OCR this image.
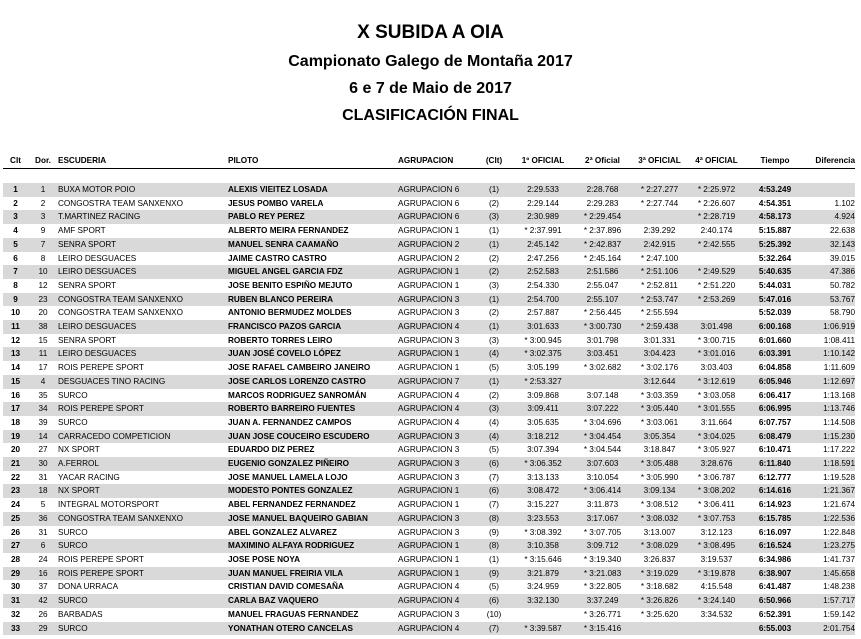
X SUBIDA A OIA
Campionato Galego de Montaña 2017
6 e 7 de Maio de 2017
CLASIFICACIÓN FINAL
Clt	Dor.	ESCUDERIA	PILOTO	AGRUPACION	(Clt)	1º OFICIAL	2ª Oficial	3ª OFICIAL	4ª OFICIAL	Tiempo	Diferencia

1	1	BUXA MOTOR POIO	ALEXIS VIEITEZ LOSADA	AGRUPACION 6	(1)	2:29.533	2:28.768	* 2:27.277	* 2:25.972	4:53.249	
2	2	CONGOSTRA TEAM SANXENXO	JESUS POMBO VARELA	AGRUPACION 6	(2)	2:29.144	2:29.283	* 2:27.744	* 2:26.607	4:54.351	1.102
3	3	T.MARTINEZ RACING	PABLO REY PEREZ	AGRUPACION 6	(3)	2:30.989	* 2:29.454		* 2:28.719	4:58.173	4.924
4	9	AMF SPORT	ALBERTO MEIRA FERNANDEZ	AGRUPACION 1	(1)	* 2:37.991	* 2:37.896	2:39.292	2:40.174	5:15.887	22.638
5	7	SENRA SPORT	MANUEL SENRA CAAMAÑO	AGRUPACION 2	(1)	2:45.142	* 2:42.837	2:42.915	* 2:42.555	5:25.392	32.143
6	8	LEIRO DESGUACES	JAIME CASTRO CASTRO	AGRUPACION 2	(2)	2:47.256	* 2:45.164	* 2:47.100		5:32.264	39.015
7	10	LEIRO DESGUACES	MIGUEL ANGEL GARCIA FDZ	AGRUPACION 1	(2)	2:52.583	2:51.586	* 2:51.106	* 2:49.529	5:40.635	47.386
8	12	SENRA SPORT	JOSE BENITO ESPIÑO MEJUTO	AGRUPACION 1	(3)	2:54.330	2:55.047	* 2:52.811	* 2:51.220	5:44.031	50.782
9	23	CONGOSTRA TEAM SANXENXO	RUBEN BLANCO PEREIRA	AGRUPACION 3	(1)	2:54.700	2:55.107	* 2:53.747	* 2:53.269	5:47.016	53.767
10	20	CONGOSTRA TEAM SANXENXO	ANTONIO BERMUDEZ MOLDES	AGRUPACION 3	(2)	2:57.887	* 2:56.445	* 2:55.594		5:52.039	58.790
11	38	LEIRO DESGUACES	FRANCISCO PAZOS GARCIA	AGRUPACION 4	(1)	3:01.633	* 3:00.730	* 2:59.438	3:01.498	6:00.168	1:06.919
12	15	SENRA SPORT	ROBERTO TORRES LEIRO	AGRUPACION 3	(3)	* 3:00.945	3:01.798	3:01.331	* 3:00.715	6:01.660	1:08.411
13	11	LEIRO DESGUACES	JUAN JOSÉ COVELO LÓPEZ	AGRUPACION 1	(4)	* 3:02.375	3:03.451	3:04.423	* 3:01.016	6:03.391	1:10.142
14	17	ROIS PEREPE SPORT	JOSE RAFAEL CAMBEIRO JANEIRO	AGRUPACION 1	(5)	3:05.199	* 3:02.682	* 3:02.176	3:03.403	6:04.858	1:11.609
15	4	DESGUACES TINO RACING	JOSE CARLOS LORENZO CASTRO	AGRUPACION 7	(1)	* 2:53.327		3:12.644	* 3:12.619	6:05.946	1:12.697
16	35	SURCO	MARCOS RODRIGUEZ SANROMÁN	AGRUPACION 4	(2)	3:09.868	3:07.148	* 3:03.359	* 3:03.058	6:06.417	1:13.168
17	34	ROIS PEREPE SPORT	ROBERTO BARREIRO FUENTES	AGRUPACION 4	(3)	3:09.411	3:07.222	* 3:05.440	* 3:01.555	6:06.995	1:13.746
18	39	SURCO	JUAN A. FERNANDEZ CAMPOS	AGRUPACION 4	(4)	3:05.635	* 3:04.696	* 3:03.061	3:11.664	6:07.757	1:14.508
19	14	CARRACEDO COMPETICION	JUAN JOSE COUCEIRO ESCUDERO	AGRUPACION 3	(4)	3:18.212	* 3:04.454	3:05.354	* 3:04.025	6:08.479	1:15.230
20	27	NX SPORT	EDUARDO DIZ PEREZ	AGRUPACION 3	(5)	3:07.394	* 3:04.544	3:18.847	* 3:05.927	6:10.471	1:17.222
21	30	A.FERROL	EUGENIO GONZALEZ PIÑEIRO	AGRUPACION 3	(6)	* 3:06.352	3:07.603	* 3:05.488	3:28.676	6:11.840	1:18.591
22	31	YACAR RACING	JOSE MANUEL LAMELA LOJO	AGRUPACION 3	(7)	3:13.133	3:10.054	* 3:05.990	* 3:06.787	6:12.777	1:19.528
23	18	NX SPORT	MODESTO PONTES GONZALEZ	AGRUPACION 1	(6)	3:08.472	* 3:06.414	3:09.134	* 3:08.202	6:14.616	1:21.367
24	5	INTEGRAL MOTORSPORT	ABEL FERNANDEZ FERNANDEZ	AGRUPACION 1	(7)	3:15.227	3:11.873	* 3:08.512	* 3:06.411	6:14.923	1:21.674
25	36	CONGOSTRA TEAM SANXENXO	JOSE MANUEL BAQUEIRO GABIAN	AGRUPACION 3	(8)	3:23.553	3:17.067	* 3:08.032	* 3:07.753	6:15.785	1:22.536
26	31	SURCO	ABEL GONZALEZ ALVAREZ	AGRUPACION 3	(9)	* 3:08.392	* 3:07.705	3:13.007	3:12.123	6:16.097	1:22.848
27	6	SURCO	MAXIMINO ALFAYA RODRIGUEZ	AGRUPACION 1	(8)	3:10.358	3:09.712	* 3:08.029	* 3:08.495	6:16.524	1:23.275
28	24	ROIS PEREPE SPORT	JOSE POSE NOYA	AGRUPACION 1	(1)	* 3:15.646	* 3:19.340	3:26.837	3:19.537	6:34.986	1:41.737
29	16	ROIS PEREPE SPORT	JUAN MANUEL FREIRIA VILA	AGRUPACION 1	(9)	3:21.879	* 3:21.083	* 3:19.029	* 3:19.878	6:38.907	1:45.658
30	37	DONA URRACA	CRISTIAN DAVID COMESAÑA	AGRUPACION 4	(5)	3:24.959	* 3:22.805	* 3:18.682	4:15.548	6:41.487	1:48.238
31	42	SURCO	CARLA BAZ VAQUERO	AGRUPACION 4	(6)	3:32.130	3:37.249	* 3:26.826	* 3:24.140	6:50.966	1:57.717
32	26	BARBADAS	MANUEL FRAGUAS FERNANDEZ	AGRUPACION 3	(10)		* 3:26.771	* 3:25.620	3:34.532	6:52.391	1:59.142
33	29	SURCO	YONATHAN OTERO CANCELAS	AGRUPACION 4	(7)	* 3:39.587	* 3:15.416			6:55.003	2:01.754
